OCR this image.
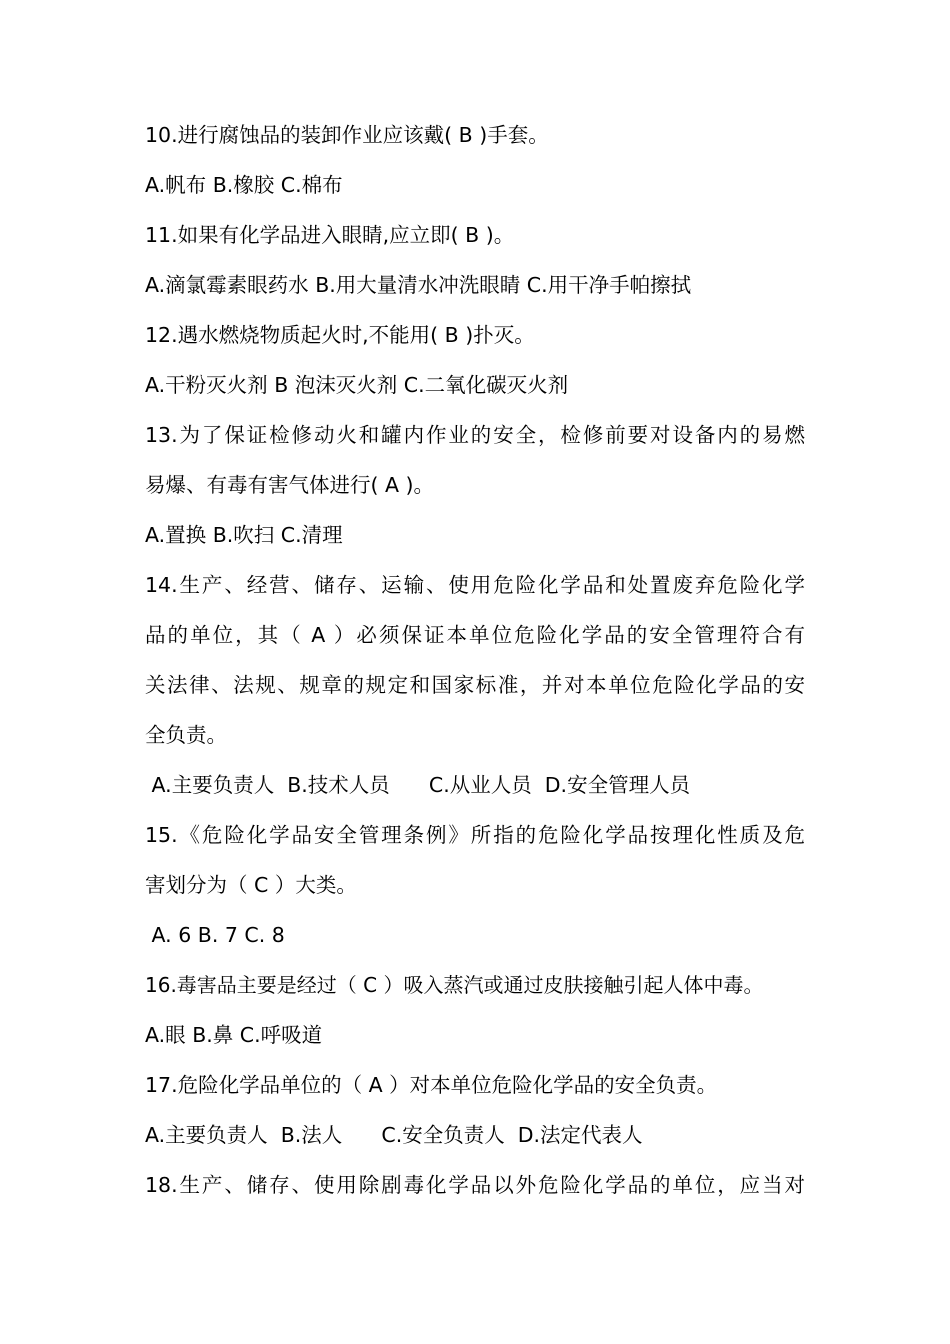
10.进行腐蚀品的装卸作业应该戴( B )手套。
A.帆布 B.橡胶 C.棉布
11.如果有化学品进入眼睛,应立即( B )。
A.滴氯霉素眼药水 B.用大量清水冲洗眼睛 C.用干净手帕擦拭
12.遇水燃烧物质起火时,不能用( B )扑灭。
A.干粉灭火剂 B 泡沫灭火剂 C.二氧化碳灭火剂
13.为了保证检修动火和罐内作业的安全，检修前要对设备内的易燃
易爆、有毒有害气体进行( A )。
A.置换 B.吹扫 C.清理
14.生产、经营、储存、运输、使用危险化学品和处置废弃危险化学
品的单位，其（ A ）必须保证本单位危险化学品的安全管理符合有
关法律、法规、规章的规定和国家标准，并对本单位危险化学品的安
全负责。
A.主要负责人  B.技术人员      C.从业人员  D.安全管理人员
15.《危险化学品安全管理条例》所指的危险化学品按理化性质及危
害划分为（ C ）大类。
A. 6 B. 7 C. 8
16.毒害品主要是经过（ C ）吸入蒸汽或通过皮肤接触引起人体中毒。
A.眼 B.鼻 C.呼吸道
17.危险化学品单位的（ A ）对本单位危险化学品的安全负责。
A.主要负责人  B.法人      C.安全负责人  D.法定代表人
18.生产、储存、使用除剧毒化学品以外危险化学品的单位，应当对
